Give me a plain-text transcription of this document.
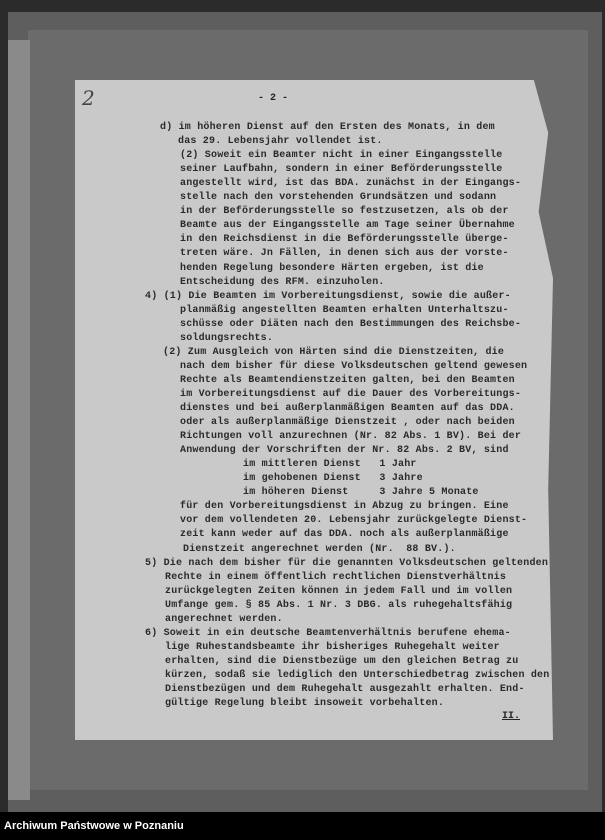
2	- 2 -
d) im höheren Dienst auf den Ersten des Monats, in dem
das 29. Lebensjahr vollendet ist.
(2) Soweit ein Beamter nicht in einer Eingangsstelle
seiner Laufbahn, sondern in einer Beförderungsstelle
angestellt wird, ist das BDA. zunächst in der Eingangs-
stelle nach den vorstehenden Grundsätzen und sodann
in der Beförderungsstelle so festzusetzen, als ob der
Beamte aus der Eingangsstelle am Tage seiner Übernahme
in den Reichsdienst in die Beförderungsstelle überge-
treten wäre. Jn Fällen, in denen sich aus der vorste-
henden Regelung besondere Härten ergeben, ist die
Entscheidung des RFM. einzuholen.
4) (1) Die Beamten im Vorbereitungsdienst, sowie die außer-
planmäßig angestellten Beamten erhalten Unterhaltszu-
schüsse oder Diäten nach den Bestimmungen des Reichsbe-
soldungsrechts.
(2) Zum Ausgleich von Härten sind die Dienstzeiten, die
nach dem bisher für diese Volksdeutschen geltend gewesen
Rechte als Beamtendienstzeiten galten, bei den Beamten
im Vorbereitungsdienst auf die Dauer des Vorbereitungs-
dienstes und bei außerplanmäßigen Beamten auf das DDA.
oder als außerplanmäßige Dienstzeit , oder nach beiden
Richtungen voll anzurechnen (Nr. 82 Abs. 1 BV). Bei der
Anwendung der Vorschriften der Nr. 82 Abs. 2 BV, sind
im mittleren Dienst   1 Jahr
im gehobenen Dienst   3 Jahre
im höheren Dienst     3 Jahre 5 Monate
für den Vorbereitungsdienst in Abzug zu bringen. Eine
vor dem vollendeten 20. Lebensjahr zurückgelegte Dienst-
zeit kann weder auf das DDA. noch als außerplanmäßige
Dienstzeit angerechnet werden (Nr.  88 BV.).
5) Die nach dem bisher für die genannten Volksdeutschen geltenden
Rechte in einem öffentlich rechtlichen Dienstverhältnis
zurückgelegten Zeiten können in jedem Fall und im vollen
Umfange gem. § 85 Abs. 1 Nr. 3 DBG. als ruhegehaltsfähig
angerechnet werden.
6) Soweit in ein deutsche Beamtenverhältnis berufene ehema-
lige Ruhestandsbeamte ihr bisheriges Ruhegehalt weiter
erhalten, sind die Dienstbezüge um den gleichen Betrag zu
kürzen, sodaß sie lediglich den Unterschiedbetrag zwischen den
Dienstbezügen und dem Ruhegehalt ausgezahlt erhalten. End-
gültige Regelung bleibt insoweit vorbehalten.
II.
Archiwum Państwowe w Poznaniu
